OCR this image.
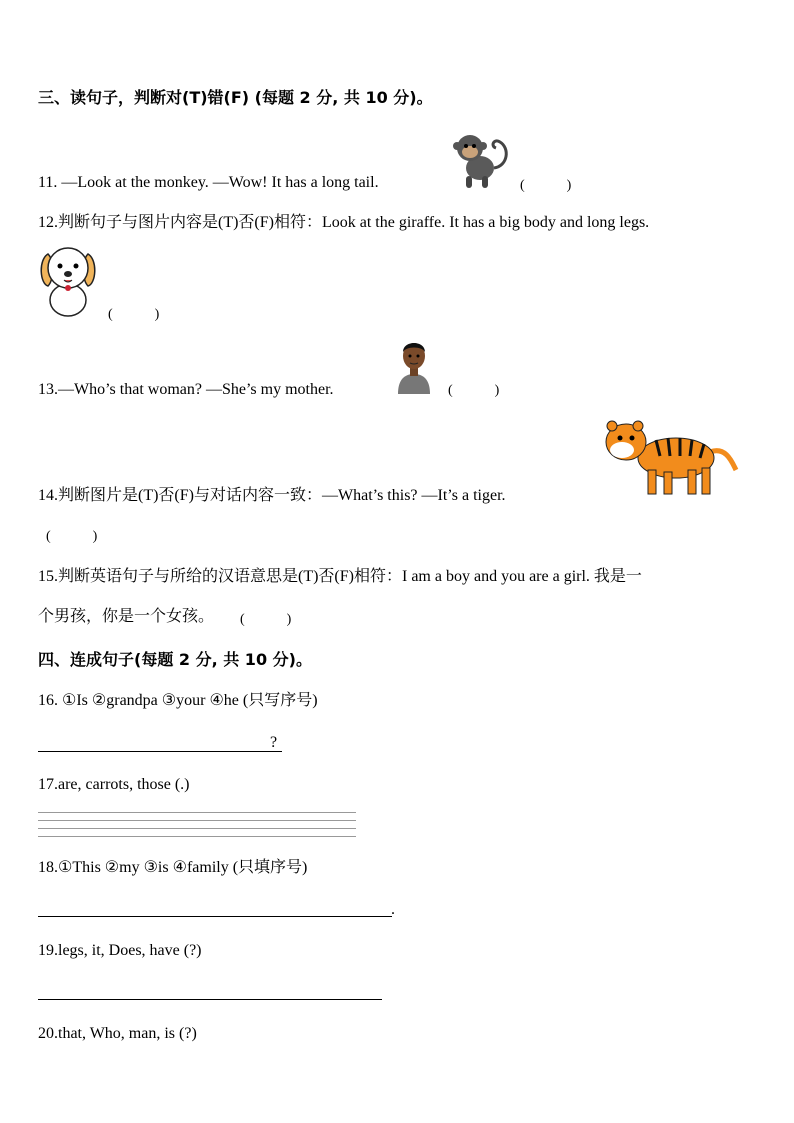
三、读句子，判断对(T)错(F) (每题 2 分, 共 10 分)。
11. —Look at the monkey. —Wow! It has a long tail.	(　　　)
12.判断句子与图片内容是(T)否(F)相符：Look at the giraffe. It has a big body and long legs.
(　　　)
13.—Who’s that woman? —She’s my mother.	(　　　)
14.判断图片是(T)否(F)与对话内容一致：—What’s this? —It’s a tiger.
(　　　)
15.判断英语句子与所给的汉语意思是(T)否(F)相符：I am a boy and you are a girl. 我是一
个男孩，你是一个女孩。 (　　　)
四、连成句子(每题 2 分, 共 10 分)。
16. ①Is ②grandpa ③your ④he (只写序号)
?
17.are, carrots, those (.)
18.①This ②my ③is ④family (只填序号)
.
19.legs, it, Does, have (?)
20.that, Who, man, is (?)
